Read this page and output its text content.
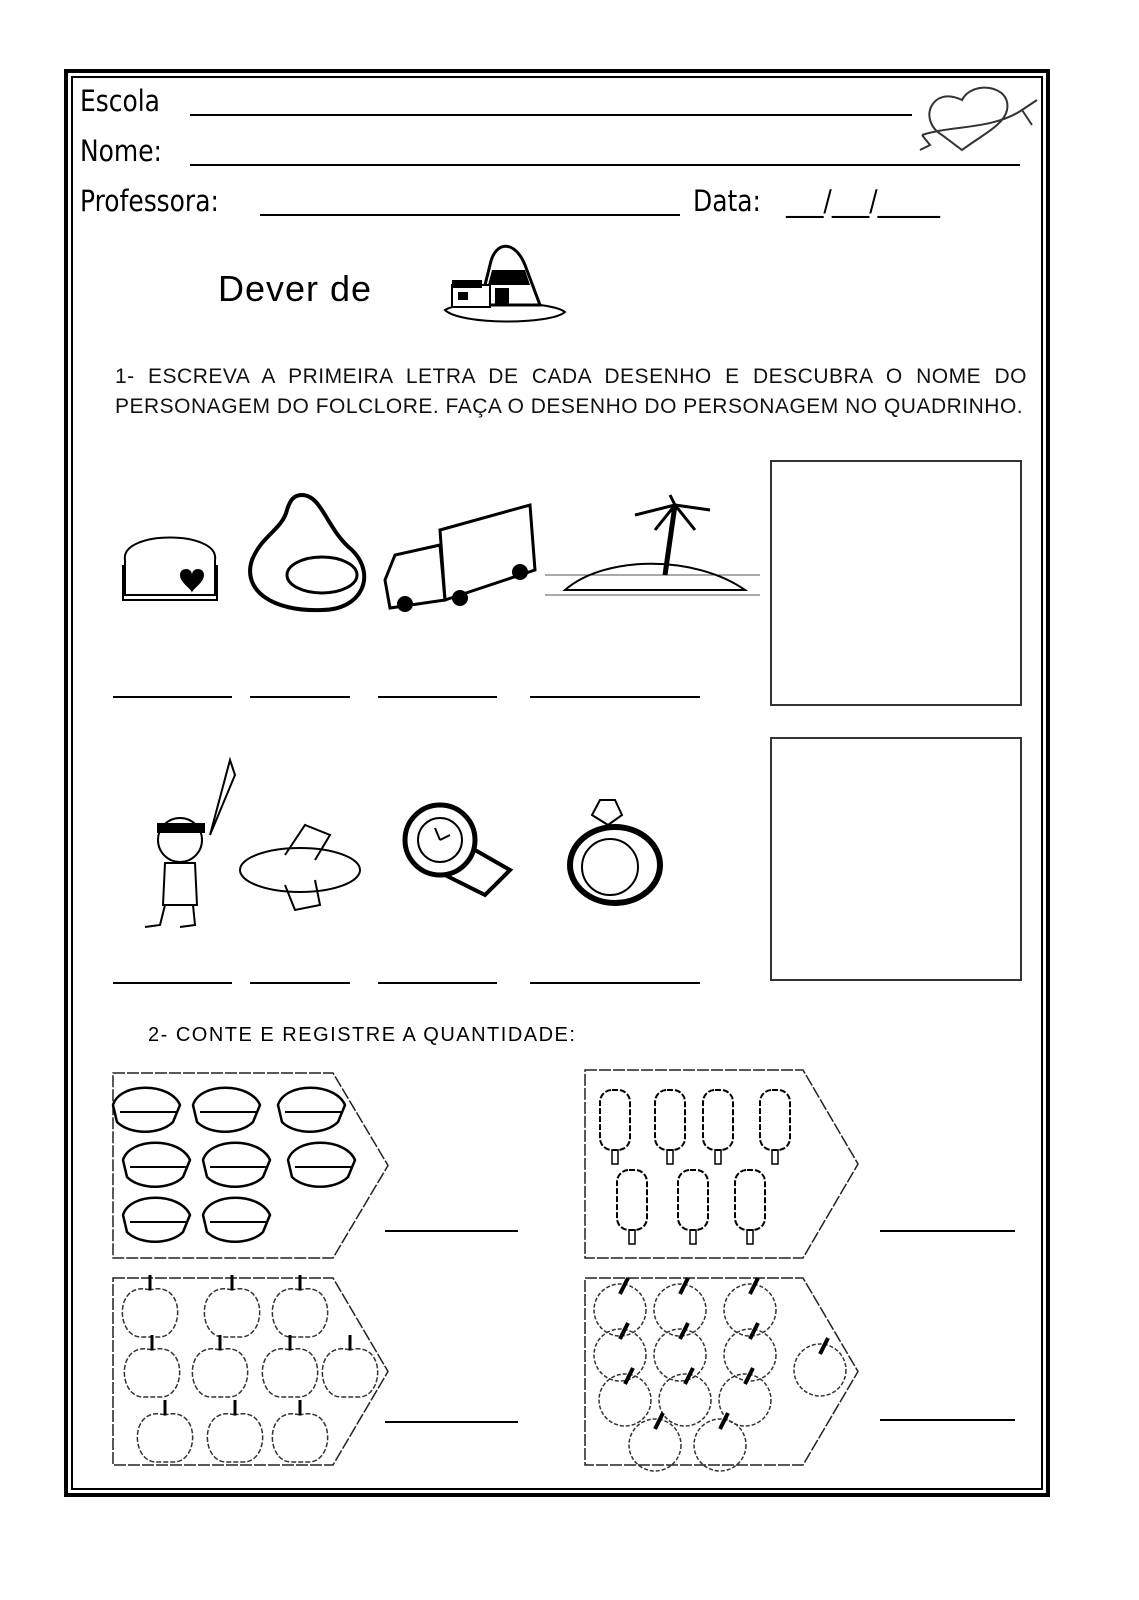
Escola
Nome:
Professora:	Data: ___/___/_____
Dever de
1- ESCREVA A PRIMEIRA LETRA DE CADA DESENHO E DESCUBRA O NOME DO PERSONAGEM DO FOLCLORE. FAÇA O DESENHO DO PERSONAGEM NO QUADRINHO.
2- CONTE E REGISTRE A QUANTIDADE:
